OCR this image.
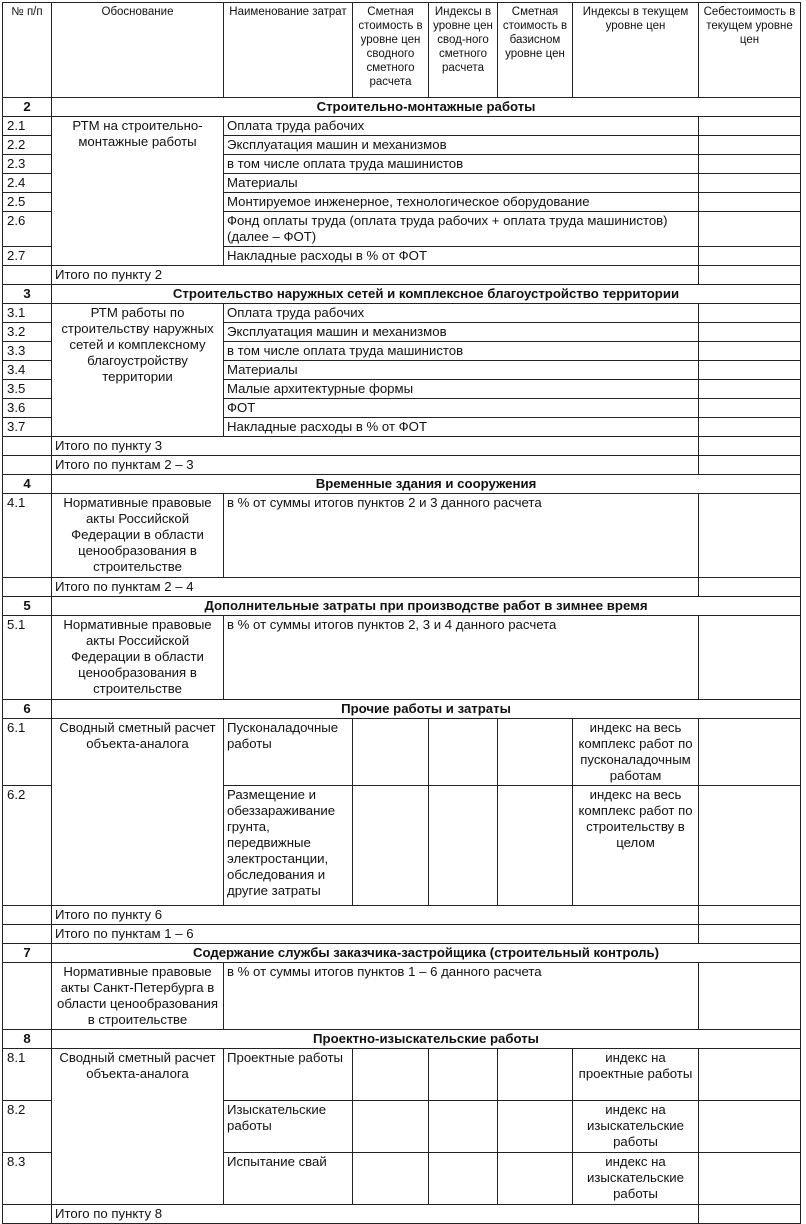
№ п/п	Обоснование	Наименование затрат	Сметная стоимость в уровне цен сводного сметного расчета	Индексы в уровне цен свод-ного сметного расчета	Сметная стоимость в базисном уровне цен	Индексы в текущем уровне цен	Себестоимость в текущем уровне цен
2	Строительно-монтажные работы						
2.1	РТМ на строительно-монтажные работы	Оплата труда рабочих					
2.2		Эксплуатация машин и механизмов					
2.3		в том числе оплата труда машинистов					
2.4		Материалы					
2.5		Монтируемое инженерное, технологическое оборудование					
2.6		Фонд оплаты труда (оплата труда рабочих + оплата труда машинистов) (далее – ФОТ)					
2.7		Накладные расходы в % от ФОТ					
	Итого по пункту 2						
3	Строительство наружных сетей и комплексное благоустройство территории						
3.1	РТМ работы по строительству наружных сетей и комплексному благоустройству территории	Оплата труда рабочих					
3.2		Эксплуатация машин и механизмов					
3.3		в том числе оплата труда машинистов					
3.4		Материалы					
3.5		Малые архитектурные формы					
3.6		ФОТ					
3.7		Накладные расходы в % от ФОТ					
	Итого по пункту 3						
	Итого по пунктам 2 – 3						
4	Временные здания и сооружения						
4.1	Нормативные правовые акты Российской Федерации в области ценообразования в строительстве	в % от суммы итогов пунктов 2 и 3 данного расчета					
	Итого по пунктам 2 – 4						
5	Дополнительные затраты при производстве работ в зимнее время						
5.1	Нормативные правовые акты Российской Федерации в области ценообразования в строительстве	в % от суммы итогов пунктов 2, 3 и 4 данного расчета					
6	Прочие работы и затраты						
6.1	Сводный сметный расчет объекта-аналога	Пусконаладочные работы				индекс на весь комплекс работ по пусконаладочным работам	
6.2		Размещение и обеззараживание грунта, передвижные электростанции, обследования и другие затраты				индекс на весь комплекс работ по строительству в целом	
	Итого по пункту 6						
	Итого по пунктам 1 – 6						
7	Содержание службы заказчика-застройщика (строительный контроль)						
	Нормативные правовые акты Санкт-Петербурга в области ценообразования в строительстве	в % от суммы итогов пунктов 1 – 6 данного расчета					
8	Проектно-изыскательские работы						
8.1	Сводный сметный расчет объекта-аналога	Проектные работы				индекс на проектные работы	
8.2		Изыскательские работы				индекс на изыскательские работы	
8.3		Испытание свай				индекс на изыскательские работы	
	Итого по пункту 8						
